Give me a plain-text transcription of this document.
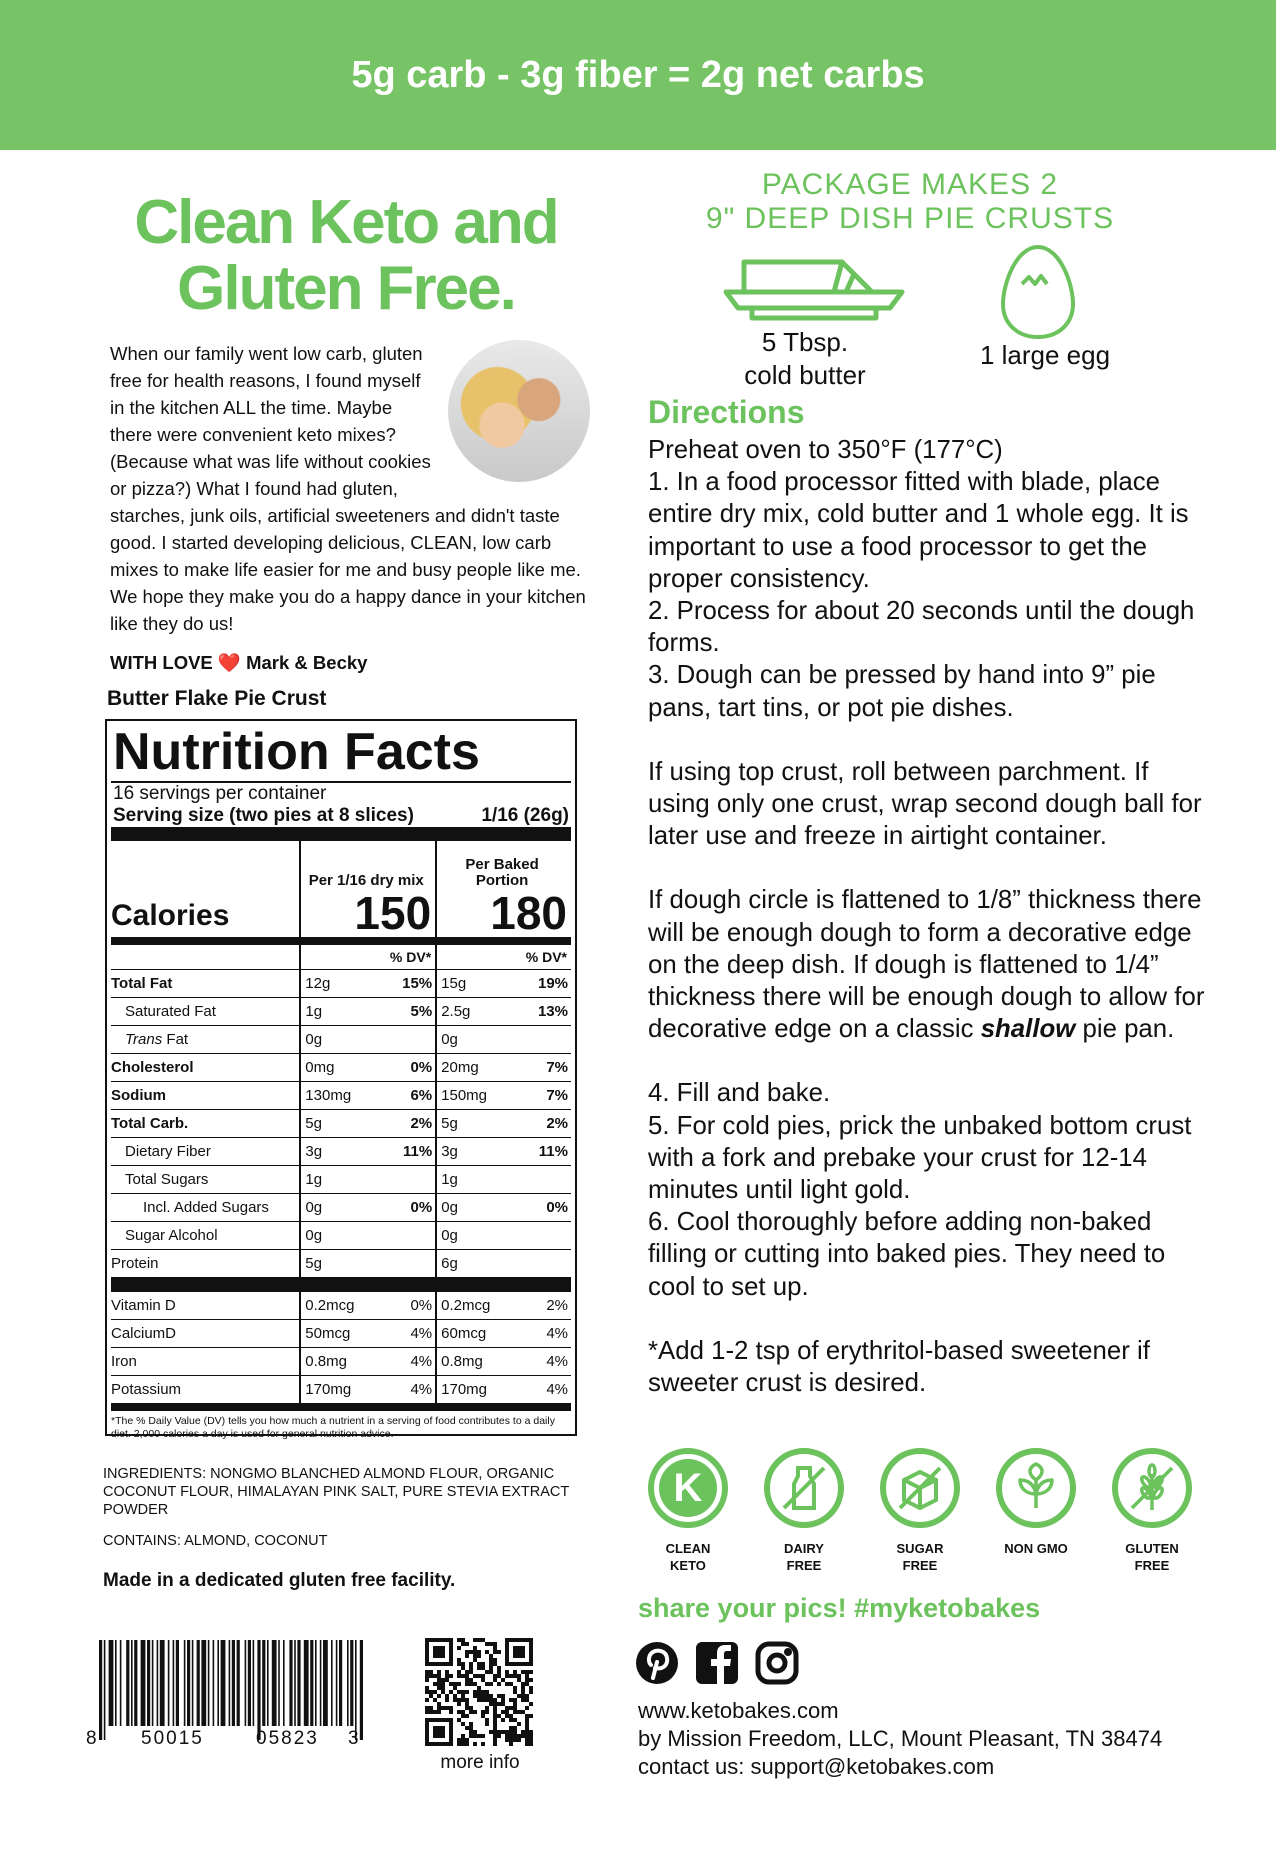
5g carb - 3g fiber = 2g net carbs
Clean Keto and
Gluten Free.
When our family went low carb, gluten free for health reasons, I found myself in the kitchen ALL the time. Maybe there were convenient keto mixes? (Because what was life without cookies or pizza?) What I found had gluten, starches, junk oils, artificial sweeteners and didn't taste good. I started developing delicious, CLEAN, low carb mixes to make life easier for me and busy people like me. We hope they make you do a happy dance in your kitchen like they do us!
WITH LOVE ❤️ Mark & Becky
Butter Flake Pie Crust
Nutrition Facts
16 servings per container
Serving size (two pies at 8 slices)	1/16 (26g)
Calories
Per 1/16 dry mix
150
Per Baked Portion
180
% DV*	% DV*
Total Fat	12g	15% 15g	19%
Saturated Fat	1g	5% 2.5g	13%
Trans Fat	0g	0g
Cholesterol	0mg	0% 20mg	7%
Sodium	130mg	6% 150mg	7%
Total Carb.	5g	2% 5g	2%
Dietary Fiber	3g	11% 3g	11%
Total Sugars	1g	1g
Incl. Added Sugars	0g	0% 0g	0%
Sugar Alcohol	0g	0g
Protein	5g	6g
Vitamin D	0.2mcg	0% 0.2mcg	2%
CalciumD	50mcg	4% 60mcg	4%
Iron	0.8mg	4% 0.8mg	4%
Potassium	170mg	4% 170mg	4%
*The % Daily Value (DV) tells you how much a nutrient in a serving of food contributes to a daily diet. 2,000 calories a day is used for general nutrition advice.
INGREDIENTS: NONGMO BLANCHED ALMOND FLOUR, ORGANIC COCONUT FLOUR, HIMALAYAN PINK SALT, PURE STEVIA EXTRACT POWDER
CONTAINS: ALMOND, COCONUT
Made in a dedicated gluten free facility.
8 50015	05823 3
more info
PACKAGE MAKES 2
9" DEEP DISH PIE CRUSTS
5 Tbsp.
cold butter
1 large egg
Directions

Preheat oven to 350°F (177°C)

1. In a food processor fitted with blade, place entire dry mix, cold butter and 1 whole egg. It is important to use a food processor to get the proper consistency.

2. Process for about 20 seconds until the dough forms.

3. Dough can be pressed by hand into 9” pie pans, tart tins, or pot pie dishes.

If using top crust, roll between parchment. If using only one crust, wrap second dough ball for later use and freeze in airtight container.

If dough circle is flattened to 1/8” thickness there will be enough dough to form a decorative edge on the deep dish. If dough is flattened to 1/4” thickness there will be enough dough to allow for decorative edge on a classic shallow pie pan.

4. Fill and bake.

5. For cold pies, prick the unbaked bottom crust with a fork and prebake your crust for 12-14 minutes until light gold.

6. Cool thoroughly before adding non-baked filling or cutting into baked pies. They need to cool to set up.

*Add 1-2 tsp of erythritol-based sweetener if sweeter crust is desired.

K
CLEAN
KETO
DAIRY
FREE
SUGAR
FREE
NON GMO	GLUTEN
FREE
share your pics! #myketobakes
www.ketobakes.com
by Mission Freedom, LLC, Mount Pleasant, TN 38474
contact us: support@ketobakes.com
